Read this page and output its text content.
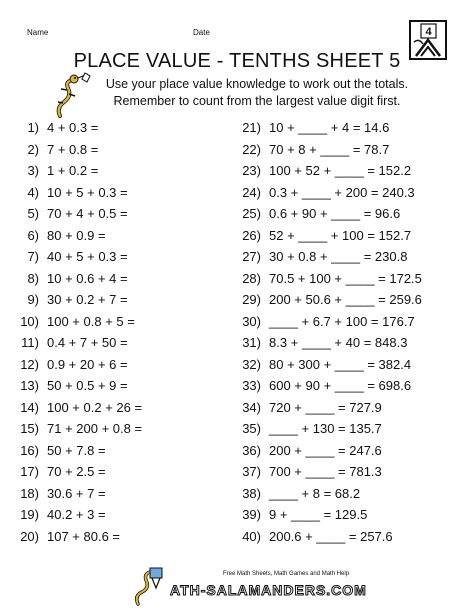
Name	Date
PLACE VALUE - TENTHS SHEET 5
4
Use your place value knowledge to work out the totals.
Remember to count from the largest value digit first.
1) 4 + 0.3 =
2) 7 + 0.8 =
3) 1 + 0.2 =
4) 10 + 5 + 0.3 =
5) 70 + 4 + 0.5 =
6) 80 + 0.9 =
7) 40 + 5 + 0.3 =
8) 10 + 0.6 + 4 =
9) 30 + 0.2 + 7 =
10) 100 + 0.8 + 5 =
11) 0.4 + 7 + 50 =
12) 0.9 + 20 + 6 =
13) 50 + 0.5 + 9 =
14) 100 + 0.2 + 26 =
15) 71 + 200 + 0.8 =
16) 50 + 7.8 =
17) 70 + 2.5 =
18) 30.6 + 7 =
19) 40.2 + 3 =
20) 107 + 80.6 =
21) 10 + ____ + 4 = 14.6
22) 70 + 8 + ____ = 78.7
23) 100 + 52 + ____ = 152.2
24) 0.3 + ____ + 200 = 240.3
25) 0.6 + 90 + ____ = 96.6
26) 52 + ____ + 100 = 152.7
27) 30 + 0.8 + ____ = 230.8
28) 70.5 + 100 + ____ = 172.5
29) 200 + 50.6 + ____ = 259.6
30) ____ + 6.7 + 100 = 176.7
31) 8.3 + ____ + 40 = 848.3
32) 80 + 300 + ____ = 382.4
33) 600 + 90 + ____ = 698.6
34) 720 + ____ = 727.9
35) ____ + 130 = 135.7
36) 200 + ____ = 247.6
37) 700 + ____ = 781.3
38) ____ + 8 = 68.2
39) 9 + ____ = 129.5
40) 200.6 + ____ = 257.6
Free Math Sheets, Math Games and Math Help
ATH-SALAMANDERS.COM
